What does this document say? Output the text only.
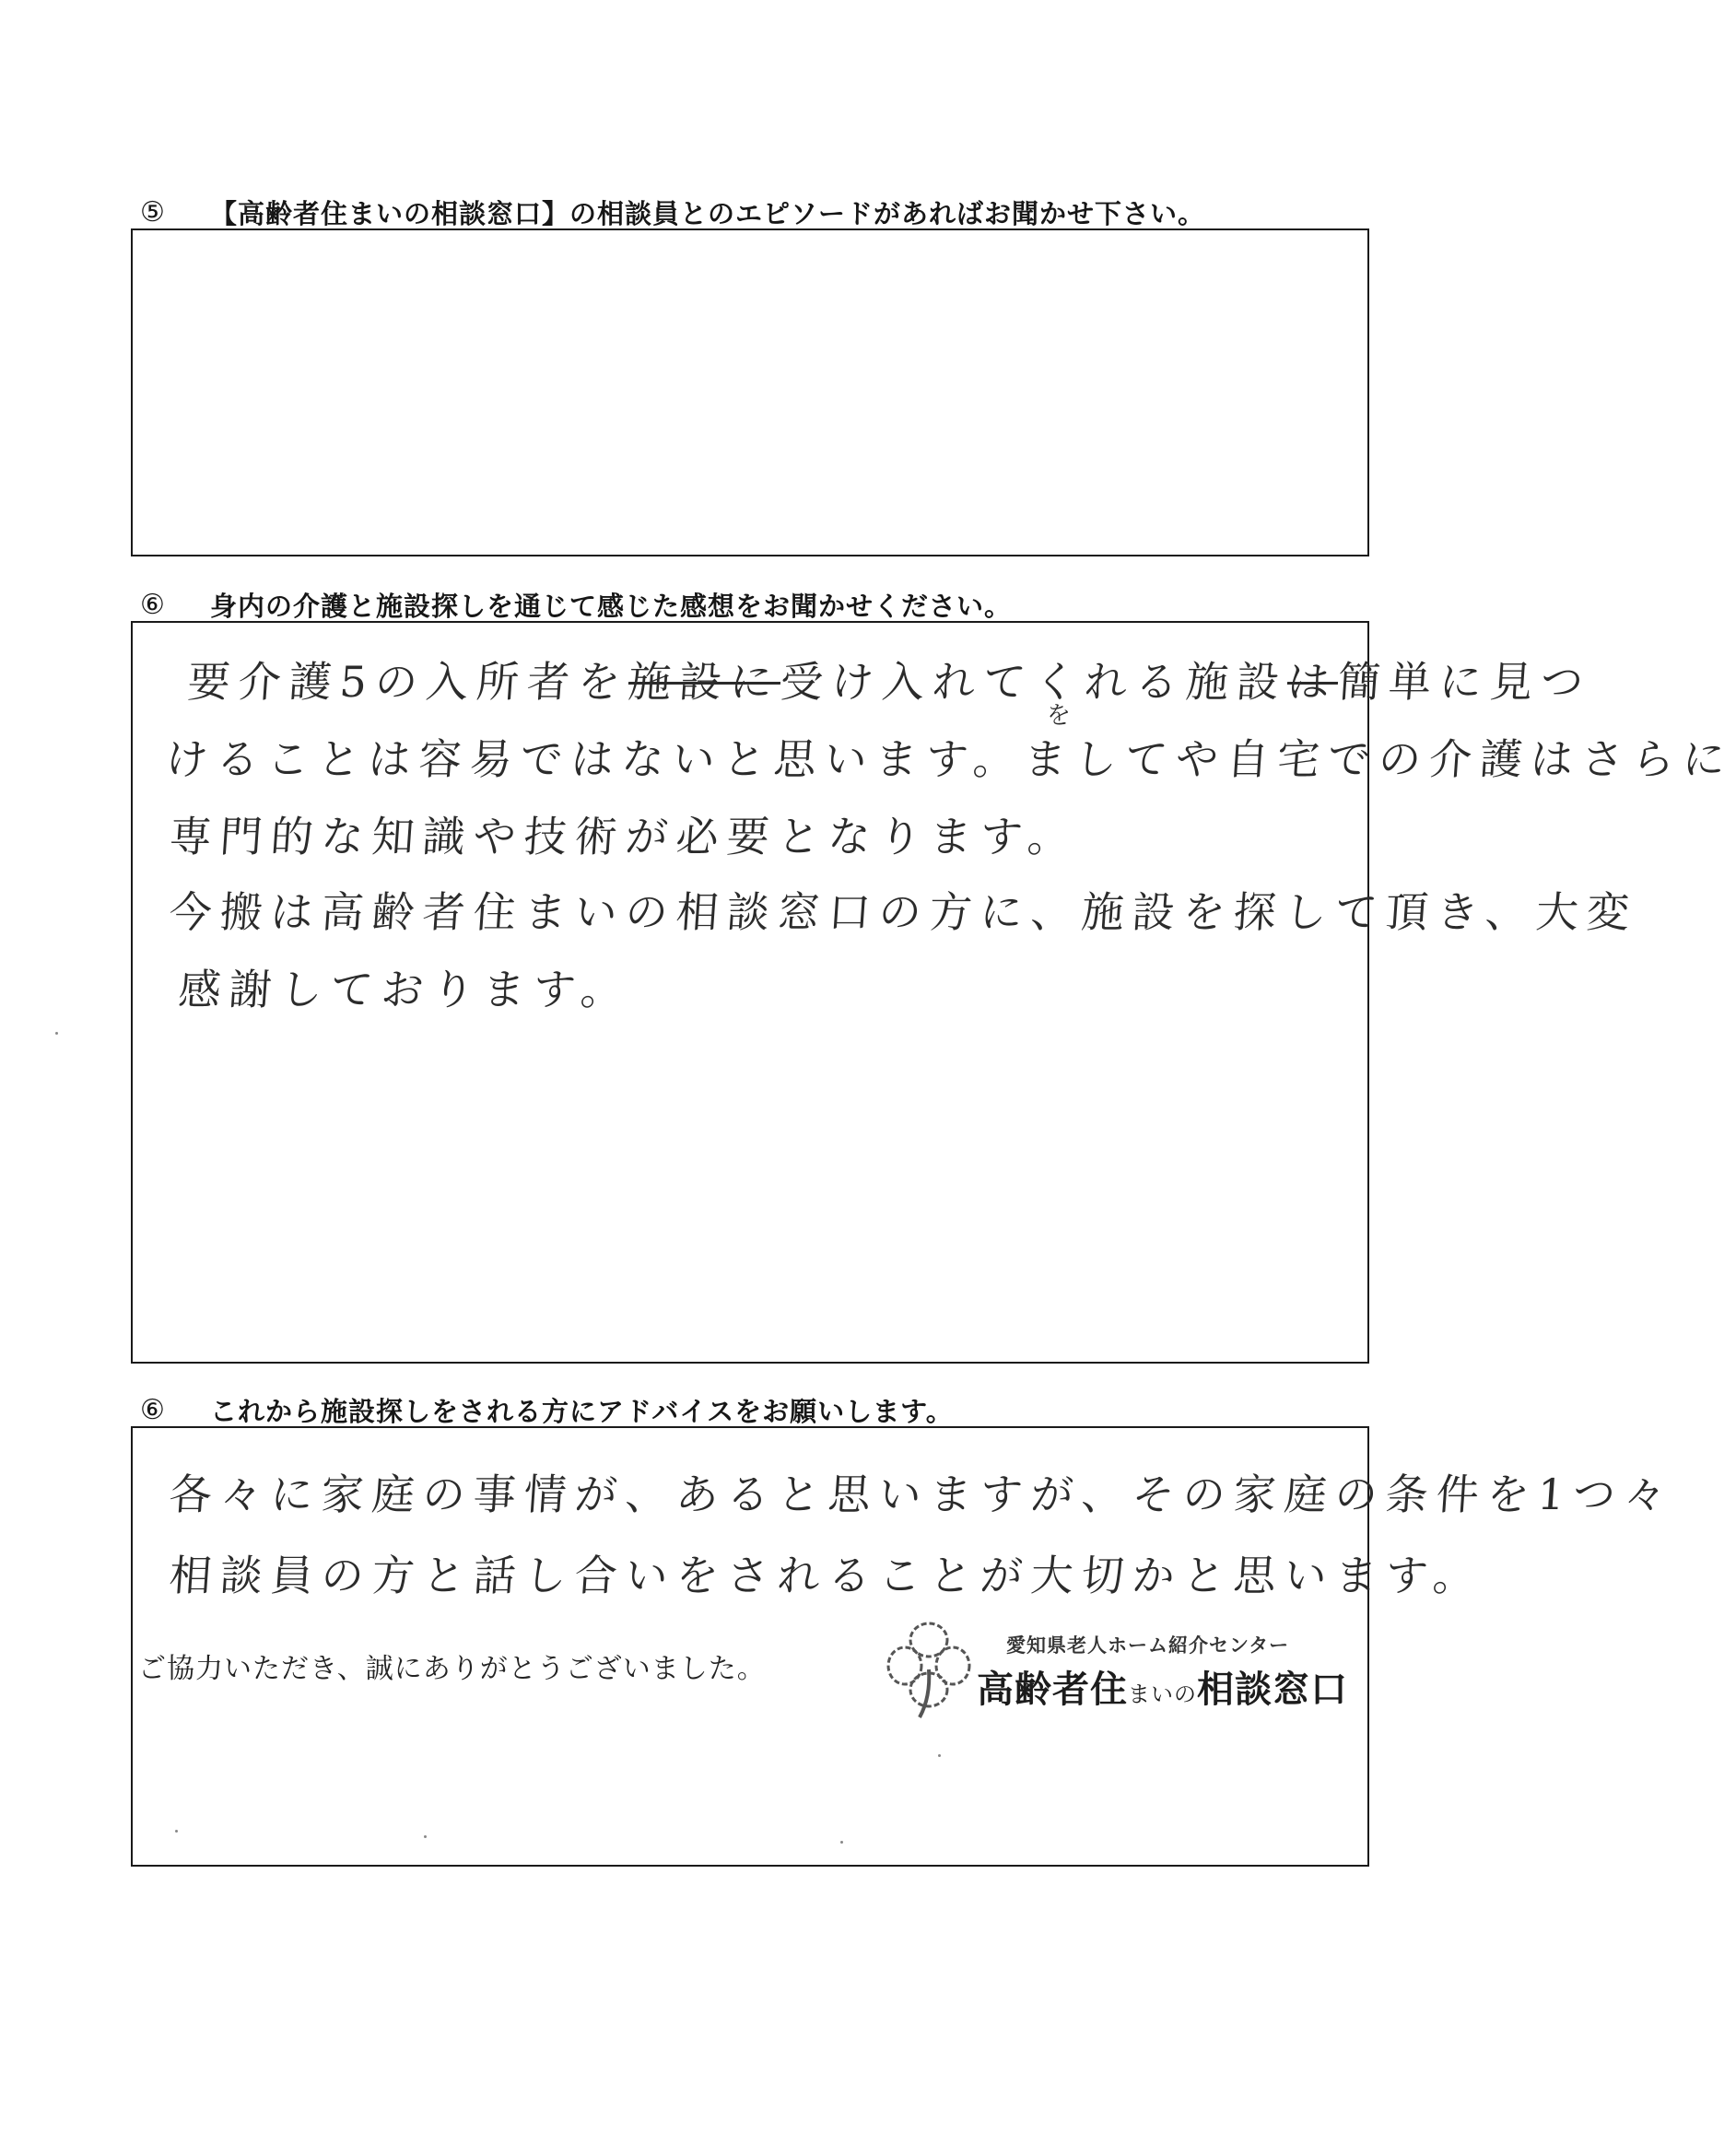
⑤	【高齢者住まいの相談窓口】の相談員とのエピソードがあればお聞かせ下さい。
⑥	身内の介護と施設探しを通じて感じた感想をお聞かせください。
要介護5の入所者を施設に受け入れてくれる施設は簡単に見つ
を
けることは容易ではないと思います。ましてや自宅での介護はさらに
専門的な知識や技術が必要となります。
今搬は高齢者住まいの相談窓口の方に、施設を探して頂き、大変
感謝しております。
⑥	これから施設探しをされる方にアドバイスをお願いします。
各々に家庭の事情が、あると思いますが、その家庭の条件を1つ々
相談員の方と話し合いをされることが大切かと思います。
ご協力いただき、誠にありがとうございました。
愛知県老人ホーム紹介センター
高齢者住まいの相談窓口
